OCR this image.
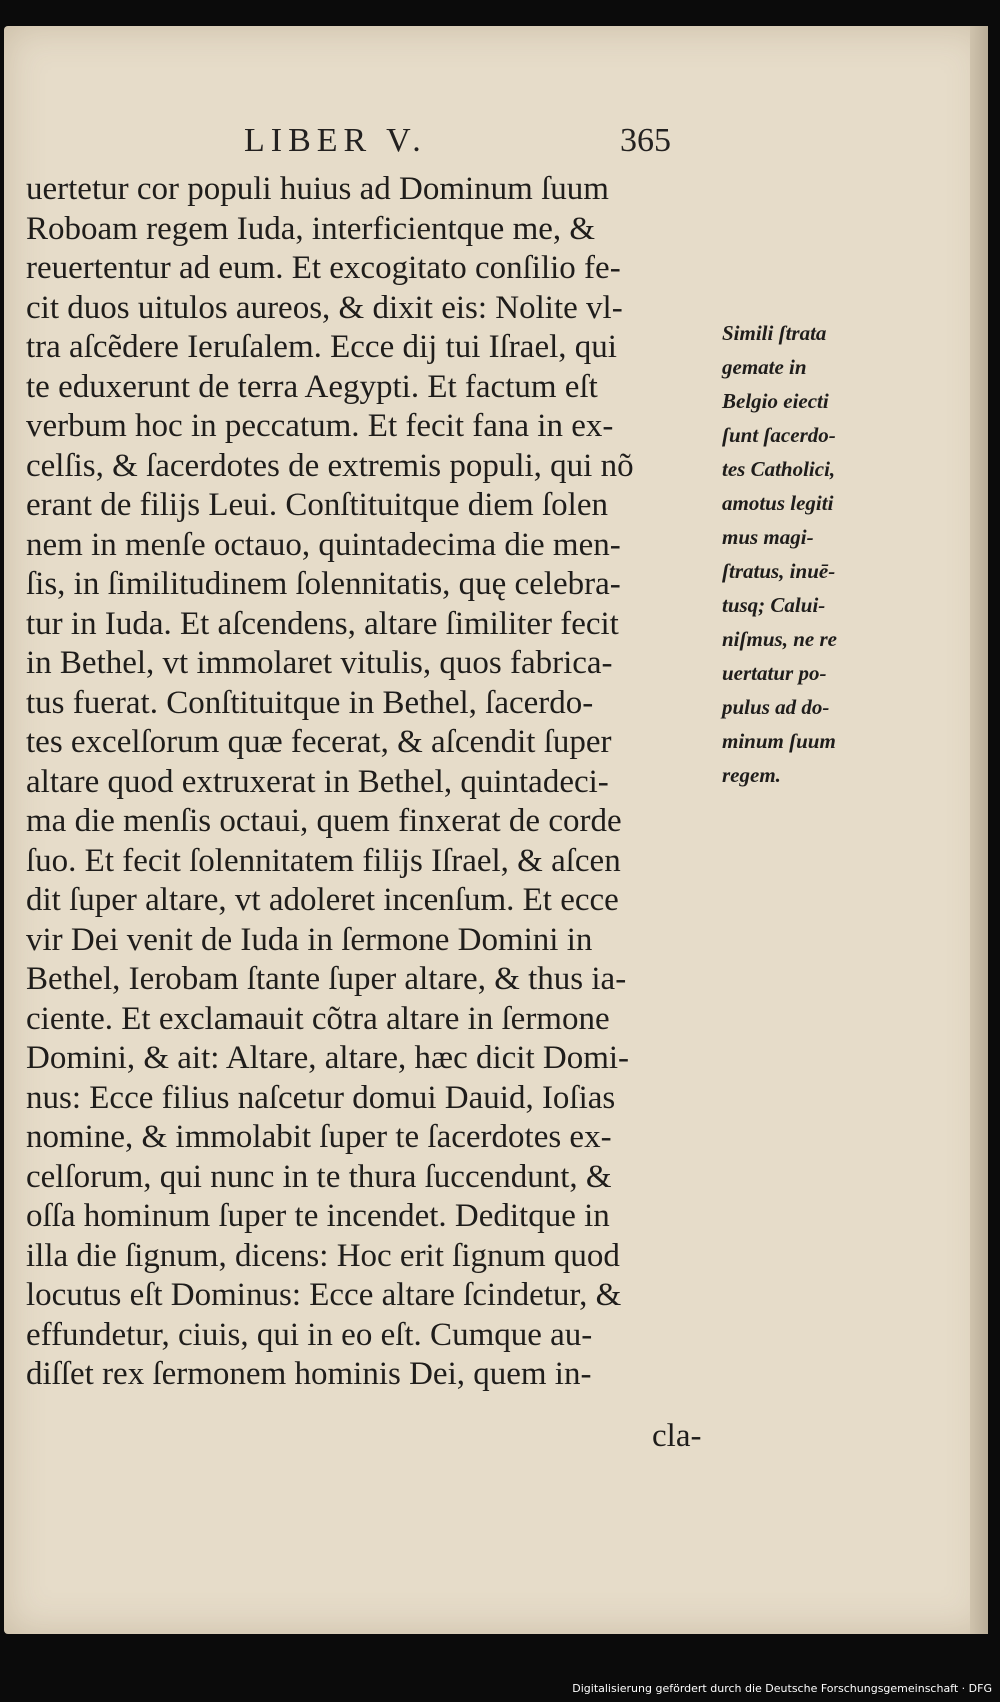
LIBER V.	365
uertetur cor populi huius ad Dominum ſuum
Roboam regem Iuda, interficientque me, &
reuertentur ad eum. Et excogitato conſilio fe-
cit duos uitulos aureos, & dixit eis: Nolite vl-
tra aſcẽdere Ieruſalem. Ecce dij tui Iſrael, qui
te eduxerunt de terra Aegypti. Et factum eſt
verbum hoc in peccatum. Et fecit fana in ex-
celſis, & ſacerdotes de extremis populi, qui nõ
erant de filijs Leui. Conſtituitque diem ſolen
nem in menſe octauo, quintadecima die men-
ſis, in ſimilitudinem ſolennitatis, quę celebra-
tur in Iuda. Et aſcendens, altare ſimiliter fecit
in Bethel, vt immolaret vitulis, quos fabrica-
tus fuerat. Conſtituitque in Bethel, ſacerdo-
tes excelſorum quæ fecerat, & aſcendit ſuper
altare quod extruxerat in Bethel, quintadeci-
ma die menſis octaui, quem finxerat de corde
ſuo. Et fecit ſolennitatem filijs Iſrael, & aſcen
dit ſuper altare, vt adoleret incenſum. Et ecce
vir Dei venit de Iuda in ſermone Domini in
Bethel, Ierobam ſtante ſuper altare, & thus ia-
ciente. Et exclamauit cõtra altare in ſermone
Domini, & ait: Altare, altare, hæc dicit Domi-
nus: Ecce filius naſcetur domui Dauid, Ioſias
nomine, & immolabit ſuper te ſacerdotes ex-
celſorum, qui nunc in te thura ſuccendunt, &
oſſa hominum ſuper te incendet. Deditque in
illa die ſignum, dicens: Hoc erit ſignum quod
locutus eſt Dominus: Ecce altare ſcindetur, &
effundetur, ciuis, qui in eo eſt. Cumque au-
diſſet rex ſermonem hominis Dei, quem in-
Simili ſtrata
gemate in
Belgio eiecti
ſunt ſacerdo-
tes Catholici,
amotus legiti
mus magi-
ſtratus, inuē-
tusq; Calui-
niſmus, ne re
uertatur po-
pulus ad do-
minum ſuum
regem.
cla-
Digitalisierung gefördert durch die Deutsche Forschungsgemeinschaft · DFG
